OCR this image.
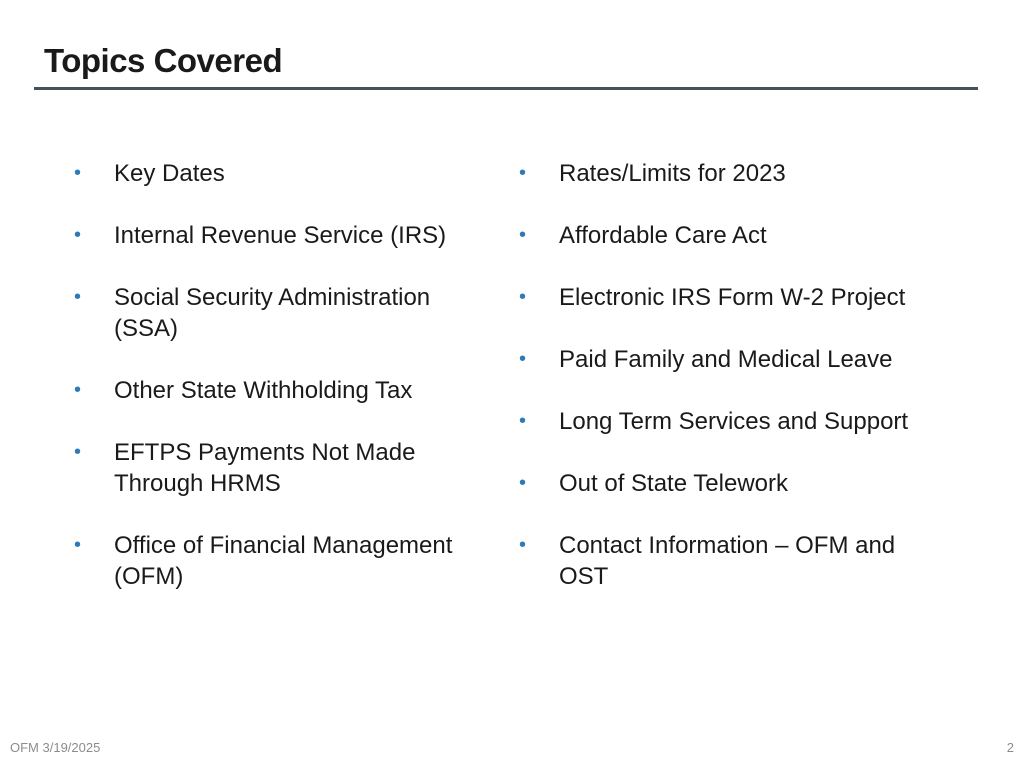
Topics Covered
• Key Dates
• Internal Revenue Service (IRS)
• Social Security Administration (SSA)
• Other State Withholding Tax
• EFTPS Payments Not Made Through HRMS
• Office of Financial Management (OFM)
• Rates/Limits for 2023
• Affordable Care Act
• Electronic IRS Form W-2 Project
• Paid Family and Medical Leave
• Long Term Services and Support
• Out of State Telework
• Contact Information – OFM and OST
OFM 3/19/2025	2
